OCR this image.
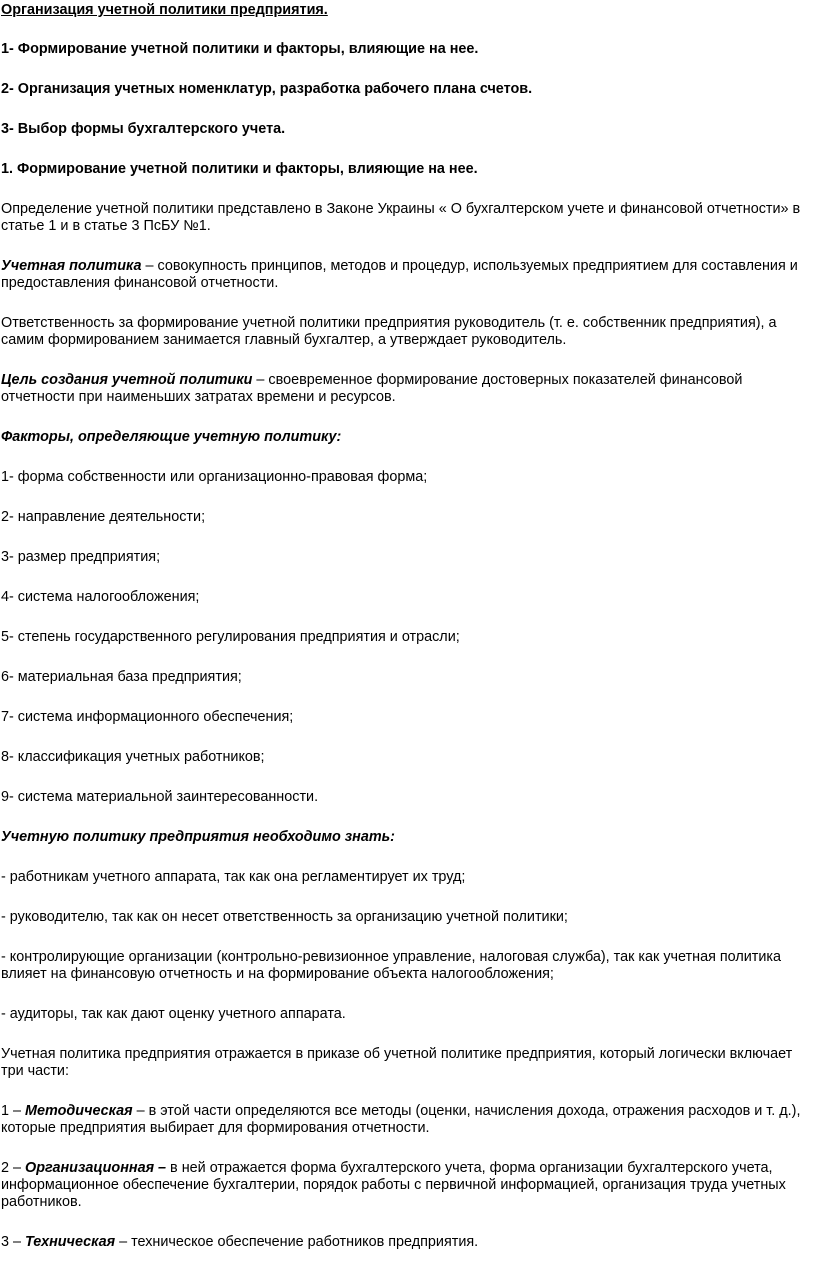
Организация учетной политики предприятия.

1- Формирование учетной политики и факторы, влияющие на нее.

2- Организация учетных номенклатур, разработка рабочего плана счетов.

3- Выбор формы бухгалтерского учета.

1. Формирование учетной политики и факторы, влияющие на нее.

Определение учетной политики представлено в Законе Украины « О бухгалтерском учете и финансовой отчетности» в статье 1 и в статье 3 ПсБУ №1.

Учетная политика – совокупность принципов, методов и процедур, используемых предприятием для составления и предоставления финансовой отчетности.

Ответственность за формирование учетной политики предприятия руководитель (т. е. собственник предприятия), а самим формированием занимается главный бухгалтер, а утверждает руководитель.

Цель создания учетной политики – своевременное формирование достоверных показателей финансовой отчетности при наименьших затратах времени и ресурсов.

Факторы, определяющие учетную политику:

1- форма собственности или организационно-правовая форма;

2- направление деятельности;

3- размер предприятия;

4- система налогообложения;

5- степень государственного регулирования предприятия и отрасли;

6- материальная база предприятия;

7- система информационного обеспечения;

8- классификация учетных работников;

9- система материальной заинтересованности.

Учетную политику предприятия необходимо знать:

- работникам учетного аппарата, так как она регламентирует их труд;

- руководителю, так как он несет ответственность за организацию учетной политики;

- контролирующие организации (контрольно-ревизионное управление, налоговая служба), так как учетная политика влияет на финансовую отчетность и на формирование объекта налогообложения;

- аудиторы, так как дают оценку учетного аппарата.

Учетная политика предприятия отражается в приказе об учетной политике предприятия, который логически включает три части:

1 – Методическая – в этой части определяются все методы (оценки, начисления дохода, отражения расходов и т. д.), которые предприятия выбирает для формирования отчетности.

2 – Организационная – в ней отражается форма бухгалтерского учета, форма организации бухгалтерского учета, информационное обеспечение бухгалтерии, порядок работы с первичной информацией, организация труда учетных работников.

3 – Техническая – техническое обеспечение работников предприятия.
